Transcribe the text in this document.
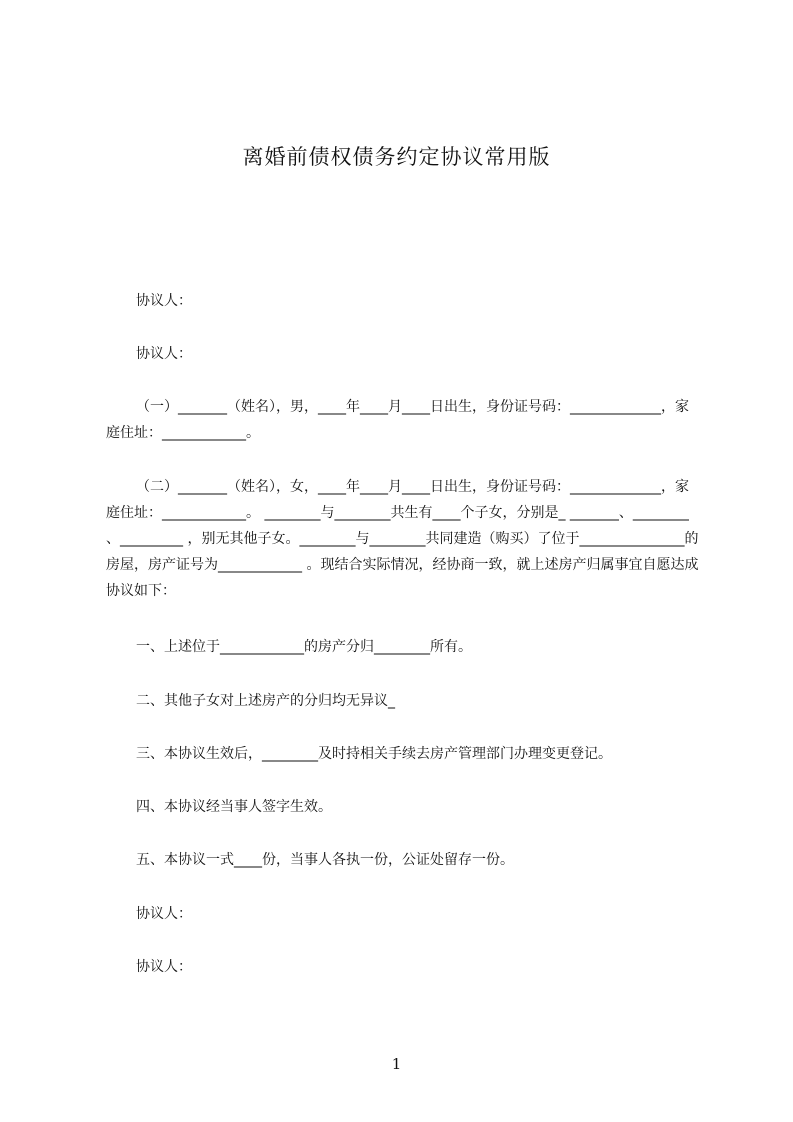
离婚前债权债务约定协议常用版
协议人：
协议人：
（一）_______（姓名），男，____年____月____日出生，身份证号码：_____________，家庭住址：____________。
（二）_______（姓名），女，____年____月____日出生，身份证号码：_____________，家庭住址：____________。 ________与________共生有____个子女，分别是_ _______、________ 、_________ ，别无其他子女。________与________共同建造（购买）了位于_______________的房屋，房产证号为____________ 。现结合实际情况，经协商一致，就上述房产归属事宜自愿达成协议如下：
一、上述位于____________的房产分归________所有。
二、其他子女对上述房产的分归均无异议_
三、本协议生效后，________及时持相关手续去房产管理部门办理变更登记。
四、本协议经当事人签字生效。
五、本协议一式____份，当事人各执一份，公证处留存一份。
协议人：
协议人：
1
